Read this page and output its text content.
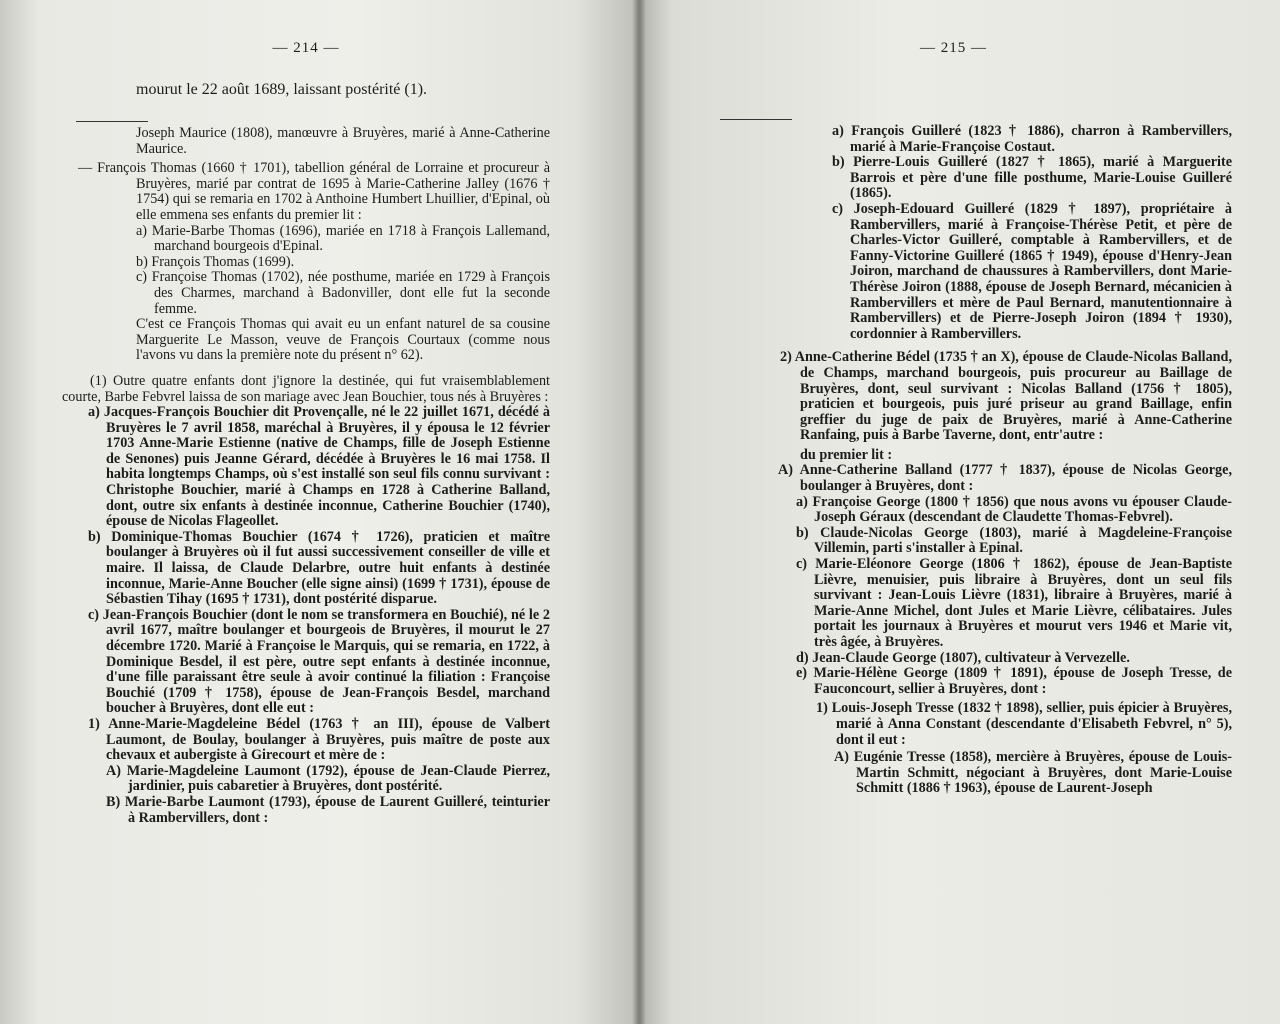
— 214 —
mourut le 22 août 1689, laissant postérité (1).

Joseph Maurice (1808), manœuvre à Bruyères, marié à Anne-Catherine Maurice.

— François Thomas (1660 † 1701), tabellion général de Lorraine et procureur à Bruyères, marié par contrat de 1695 à Marie-Catherine Jalley (1676 † 1754) qui se remaria en 1702 à Anthoine Humbert Lhuillier, d'Epinal, où elle emmena ses enfants du premier lit :

a) Marie-Barbe Thomas (1696), mariée en 1718 à François Lallemand, marchand bourgeois d'Epinal.

b) François Thomas (1699).

c) Françoise Thomas (1702), née posthume, mariée en 1729 à François des Charmes, marchand à Badonviller, dont elle fut la seconde femme.

C'est ce François Thomas qui avait eu un enfant naturel de sa cousine Marguerite Le Masson, veuve de François Courtaux (comme nous l'avons vu dans la première note du présent n° 62).

(1) Outre quatre enfants dont j'ignore la destinée, qui fut vraisemblablement courte, Barbe Febvrel laissa de son mariage avec Jean Bouchier, tous nés à Bruyères :

a) Jacques-François Bouchier dit Provençalle, né le 22 juillet 1671, décédé à Bruyères le 7 avril 1858, maréchal à Bruyères, il y épousa le 12 février 1703 Anne-Marie Estienne (native de Champs, fille de Joseph Estienne de Senones) puis Jeanne Gérard, décédée à Bruyères le 16 mai 1758. Il habita longtemps Champs, où s'est installé son seul fils connu survivant : Christophe Bouchier, marié à Champs en 1728 à Catherine Balland, dont, outre six enfants à destinée inconnue, Catherine Bouchier (1740), épouse de Nicolas Flageollet.

b) Dominique-Thomas Bouchier (1674 † 1726), praticien et maître boulanger à Bruyères où il fut aussi successivement conseiller de ville et maire. Il laissa, de Claude Delarbre, outre huit enfants à destinée inconnue, Marie-Anne Boucher (elle signe ainsi) (1699 † 1731), épouse de Sébastien Tihay (1695 † 1731), dont postérité disparue.

c) Jean-François Bouchier (dont le nom se transformera en Bouchié), né le 2 avril 1677, maître boulanger et bourgeois de Bruyères, il mourut le 27 décembre 1720. Marié à Françoise le Marquis, qui se remaria, en 1722, à Dominique Besdel, il est père, outre sept enfants à destinée inconnue, d'une fille paraissant être seule à avoir continué la filiation : Françoise Bouchié (1709 † 1758), épouse de Jean-François Besdel, marchand boucher à Bruyères, dont elle eut :

1) Anne-Marie-Magdeleine Bédel (1763 † an III), épouse de Valbert Laumont, de Boulay, boulanger à Bruyères, puis maître de poste aux chevaux et aubergiste à Girecourt et mère de :

A) Marie-Magdeleine Laumont (1792), épouse de Jean-Claude Pierrez, jardinier, puis cabaretier à Bruyères, dont postérité.

B) Marie-Barbe Laumont (1793), épouse de Laurent Guilleré, teinturier à Rambervillers, dont :

— 215 —

a) François Guilleré (1823 † 1886), charron à Rambervillers, marié à Marie-Françoise Costaut.

b) Pierre-Louis Guilleré (1827 † 1865), marié à Marguerite Barrois et père d'une fille posthume, Marie-Louise Guilleré (1865).

c) Joseph-Edouard Guilleré (1829 † 1897), propriétaire à Rambervillers, marié à Françoise-Thérèse Petit, et père de Charles-Victor Guilleré, comptable à Rambervillers, et de Fanny-Victorine Guilleré (1865 † 1949), épouse d'Henry-Jean Joiron, marchand de chaussures à Rambervillers, dont Marie-Thérèse Joiron (1888, épouse de Joseph Bernard, mécanicien à Rambervillers et mère de Paul Bernard, manutentionnaire à Rambervillers) et de Pierre-Joseph Joiron (1894 † 1930), cordonnier à Rambervillers.

2) Anne-Catherine Bédel (1735 † an X), épouse de Claude-Nicolas Balland, de Champs, marchand bourgeois, puis procureur au Baillage de Bruyères, dont, seul survivant : Nicolas Balland (1756 † 1805), praticien et bourgeois, puis juré priseur au grand Baillage, enfin greffier du juge de paix de Bruyères, marié à Anne-Catherine Ranfaing, puis à Barbe Taverne, dont, entr'autre :

du premier lit :

A) Anne-Catherine Balland (1777 † 1837), épouse de Nicolas George, boulanger à Bruyères, dont :

a) Françoise George (1800 † 1856) que nous avons vu épouser Claude-Joseph Géraux (descendant de Claudette Thomas-Febvrel).

b) Claude-Nicolas George (1803), marié à Magdeleine-Françoise Villemin, parti s'installer à Epinal.

c) Marie-Eléonore George (1806 † 1862), épouse de Jean-Baptiste Lièvre, menuisier, puis libraire à Bruyères, dont un seul fils survivant : Jean-Louis Lièvre (1831), libraire à Bruyères, marié à Marie-Anne Michel, dont Jules et Marie Lièvre, célibataires. Jules portait les journaux à Bruyères et mourut vers 1946 et Marie vit, très âgée, à Bruyères.

d) Jean-Claude George (1807), cultivateur à Vervezelle.

e) Marie-Hélène George (1809 † 1891), épouse de Joseph Tresse, de Fauconcourt, sellier à Bruyères, dont :

1) Louis-Joseph Tresse (1832 † 1898), sellier, puis épicier à Bruyères, marié à Anna Constant (descendante d'Elisabeth Febvrel, n° 5), dont il eut :

A) Eugénie Tresse (1858), mercière à Bruyères, épouse de Louis-Martin Schmitt, négociant à Bruyères, dont Marie-Louise Schmitt (1886 † 1963), épouse de Laurent-Joseph
